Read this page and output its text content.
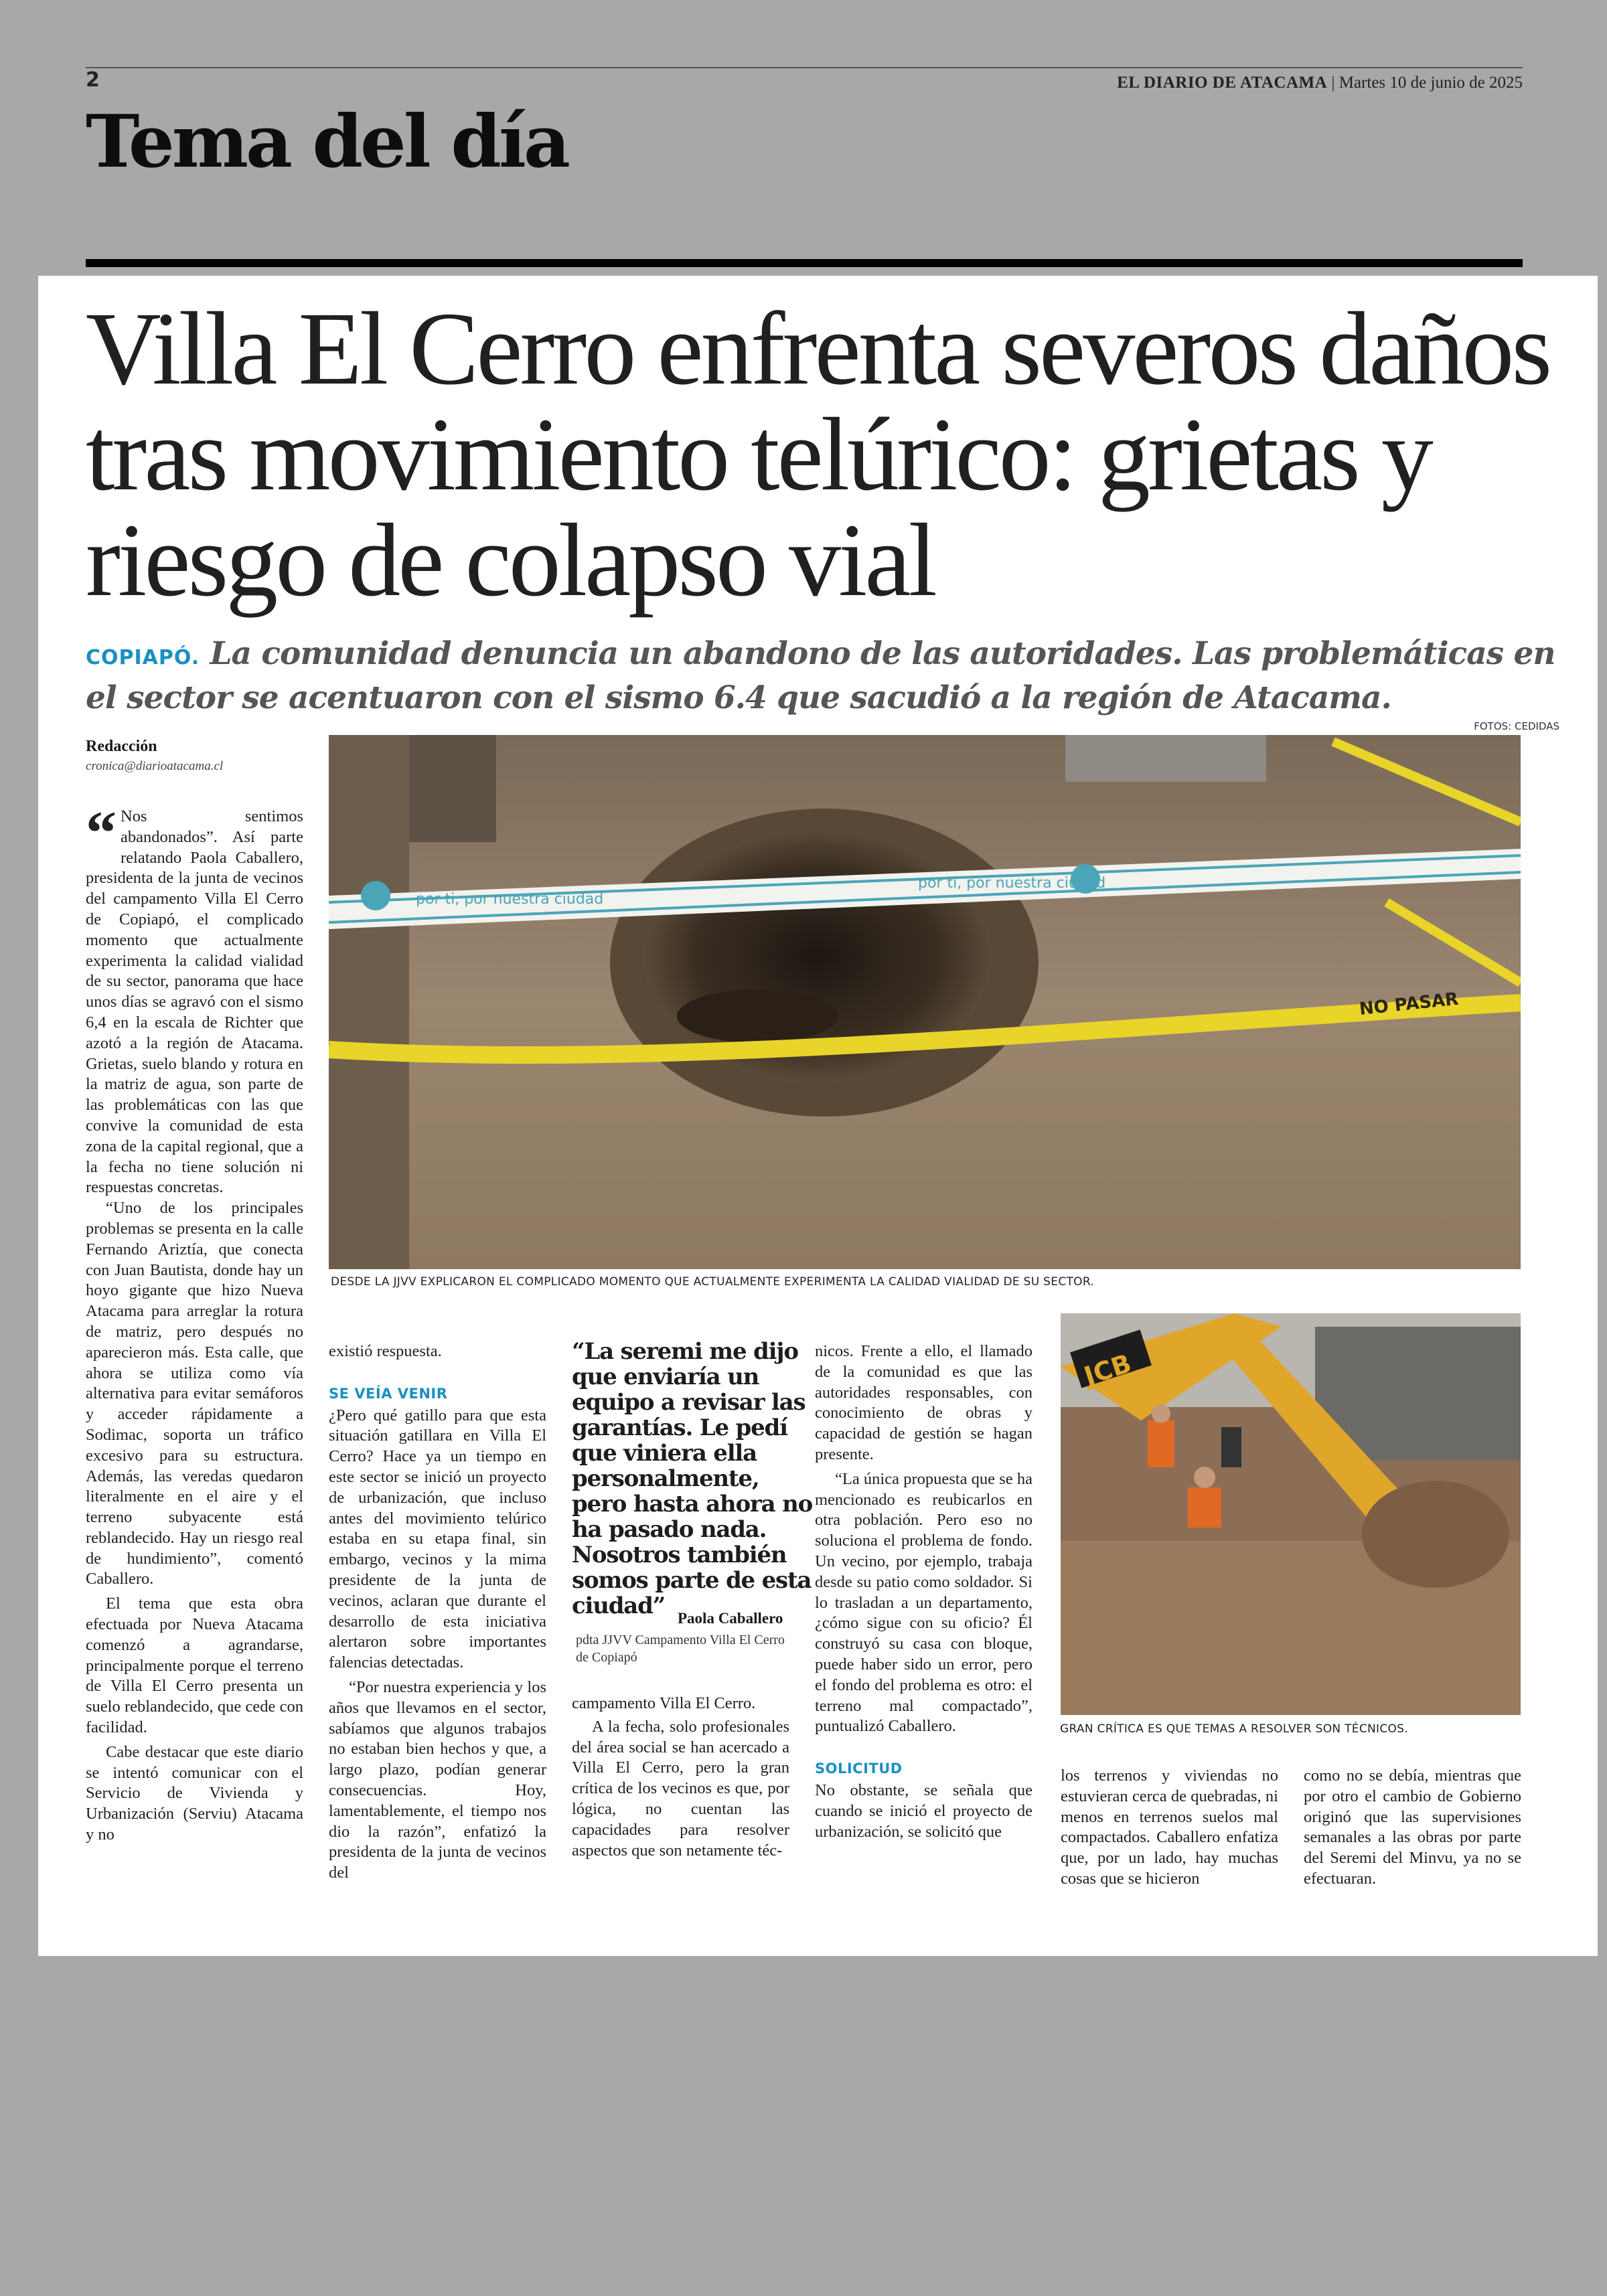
2	EL DIARIO DE ATACAMA | Martes 10 de junio de 2025
Tema del día
Villa El Cerro enfrenta severos daños tras movimiento telúrico: grietas y riesgo de colapso vial
COPIAPÓ. La comunidad denuncia un abandono de las autoridades. Las problemáticas en el sector se acentuaron con el sismo 6.4 que sacudió a la región de Atacama.
FOTOS: CEDIDAS
por ti, por nuestra ciudad
por ti, por nuestra ciudad
NO PASAR
DESDE LA JJVV EXPLICARON EL COMPLICADO MOMENTO QUE ACTUALMENTE EXPERIMENTA LA CALIDAD VIALIDAD DE SU SECTOR.
JCB
GRAN CRÍTICA ES QUE TEMAS A RESOLVER SON TÉCNICOS.
Redacción
cronica@diarioatacama.cl

“ Nos sentimos abandonados”. Así parte relatando Paola Caballero, presidenta de la junta de vecinos del campamento Villa El Cerro de Copiapó, el complicado momento que actualmente experimenta la calidad vialidad de su sector, panorama que hace unos días se agravó con el sismo 6,4 en la escala de Richter que azotó a la región de Atacama. Grietas, suelo blando y rotura en la matriz de agua, son parte de las problemáticas con las que convive la comunidad de esta zona de la capital regional, que a la fecha no tiene solución ni respuestas concretas.

“Uno de los principales problemas se presenta en la calle Fernando Ariztía, que conecta con Juan Bautista, donde hay un hoyo gigante que hizo Nueva Atacama para arreglar la rotura de matriz, pero después no aparecieron más. Esta calle, que ahora se utiliza como vía alternativa para evitar semáforos y acceder rápidamente a Sodimac, soporta un tráfico excesivo para su estructura. Además, las veredas quedaron literalmente en el aire y el terreno subyacente está reblandecido. Hay un riesgo real de hundimiento”, comentó Caballero.

El tema que esta obra efectuada por Nueva Atacama comenzó a agrandarse, principalmente porque el terreno de Villa El Cerro presenta un suelo reblandecido, que cede con facilidad.

Cabe destacar que este diario se intentó comunicar con el Servicio de Vivienda y Urbanización (Serviu) Atacama y no

existió respuesta.

SE VEÍA VENIR

¿Pero qué gatillo para que esta situación gatillara en Villa El Cerro? Hace ya un tiempo en este sector se inició un proyecto de urbanización, que incluso antes del movimiento telúrico estaba en su etapa final, sin embargo, vecinos y la mima presidente de la junta de vecinos, aclaran que durante el desarrollo de esta iniciativa alertaron sobre importantes falencias detectadas.

“Por nuestra experiencia y los años que llevamos en el sector, sabíamos que algunos trabajos no estaban bien hechos y que, a largo plazo, podían generar consecuencias. Hoy, lamentablemente, el tiempo nos dio la razón”, enfatizó la presidenta de la junta de vecinos del

“La seremi me dijo que enviaría un equipo a revisar las garantías. Le pedí que viniera ella personalmente, pero hasta ahora no ha pasado nada. Nosotros también somos parte de esta ciudad” Paola Caballero
pdta JJVV Campamento Villa El Cerro de Copiapó

campamento Villa El Cerro.

A la fecha, solo profesionales del área social se han acercado a Villa El Cerro, pero la gran crítica de los vecinos es que, por lógica, no cuentan las capacidades para resolver aspectos que son netamente téc-

nicos. Frente a ello, el llamado de la comunidad es que las autoridades responsables, con conocimiento de obras y capacidad de gestión se hagan presente.

“La única propuesta que se ha mencionado es reubicarlos en otra población. Pero eso no soluciona el problema de fondo. Un vecino, por ejemplo, trabaja desde su patio como soldador. Si lo trasladan a un departamento, ¿cómo sigue con su oficio? Él construyó su casa con bloque, puede haber sido un error, pero el fondo del problema es otro: el terreno mal compactado”, puntualizó Caballero.

SOLICITUD

No obstante, se señala que cuando se inició el proyecto de urbanización, se solicitó que

los terrenos y viviendas no estuvieran cerca de quebradas, ni menos en terrenos suelos mal compactados. Caballero enfatiza que, por un lado, hay muchas cosas que se hicieron

como no se debía, mientras que por otro el cambio de Gobierno originó que las supervisiones semanales a las obras por parte del Seremi del Minvu, ya no se efectuaran.
